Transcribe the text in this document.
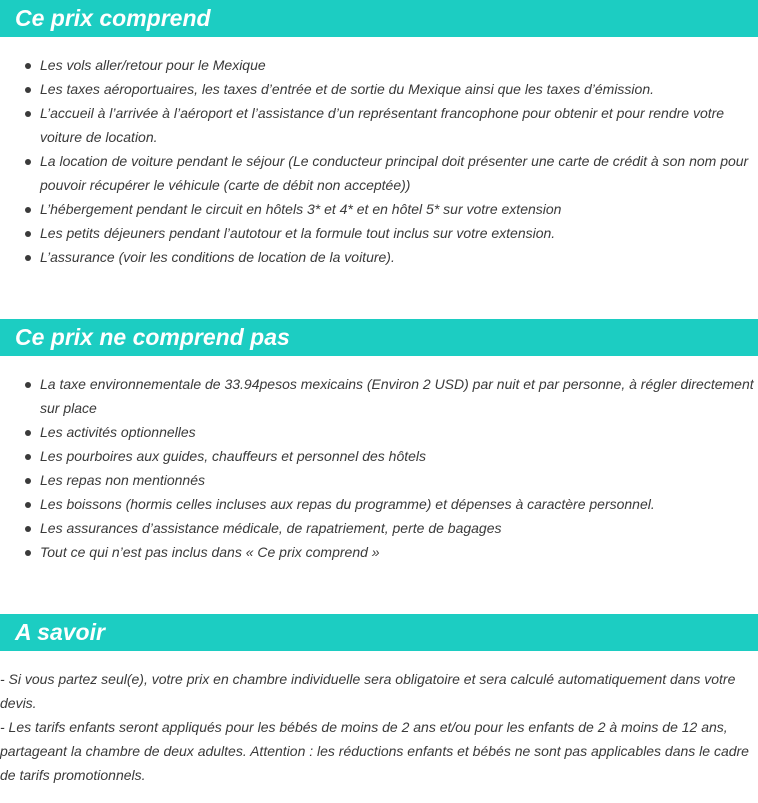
Ce prix comprend
Les vols aller/retour pour le Mexique
Les taxes aéroportuaires, les taxes d’entrée et de sortie du Mexique ainsi que les taxes d’émission.
L’accueil à l’arrivée à l’aéroport et l’assistance d’un représentant francophone pour obtenir et pour rendre votre voiture de location.
La location de voiture pendant le séjour (Le conducteur principal doit présenter une carte de crédit à son nom pour pouvoir récupérer le véhicule (carte de débit non acceptée))
L’hébergement pendant le circuit en hôtels 3* et 4* et en hôtel 5* sur votre extension
Les petits déjeuners pendant l’autotour et la formule tout inclus sur votre extension.
L’assurance (voir les conditions de location de la voiture).
Ce prix ne comprend pas
La taxe environnementale de 33.94pesos mexicains (Environ 2 USD) par nuit et par personne, à régler directement sur place
Les activités optionnelles
Les pourboires aux guides, chauffeurs et personnel des hôtels
Les repas non mentionnés
Les boissons (hormis celles incluses aux repas du programme) et dépenses à caractère personnel.
Les assurances d’assistance médicale, de rapatriement, perte de bagages
Tout ce qui n’est pas inclus dans « Ce prix comprend »
A savoir

- Si vous partez seul(e), votre prix en chambre individuelle sera obligatoire et sera calculé automatiquement dans votre devis.

- Les tarifs enfants seront appliqués pour les bébés de moins de 2 ans et/ou pour les enfants de 2 à moins de 12 ans, partageant la chambre de deux adultes. Attention : les réductions enfants et bébés ne sont pas applicables dans le cadre de tarifs promotionnels.
